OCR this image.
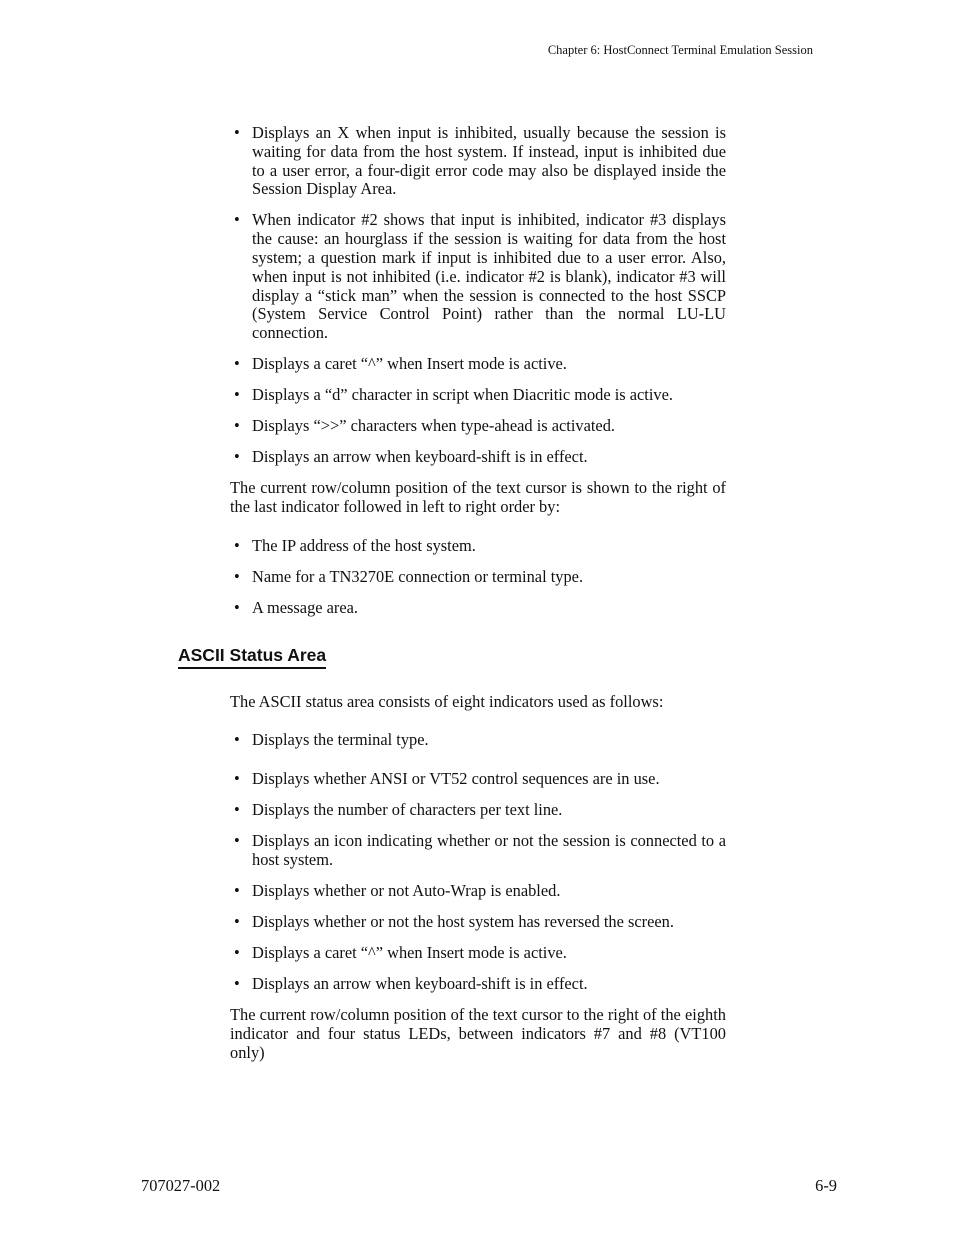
Chapter 6: HostConnect Terminal Emulation Session
• Displays an X when input is inhibited, usually because the session is waiting for data from the host system. If instead, input is inhibited due to a user error, a four-digit error code may also be displayed inside the Session Display Area.
• When indicator #2 shows that input is inhibited, indicator #3 displays the cause: an hourglass if the session is waiting for data from the host system; a question mark if input is inhibited due to a user error. Also, when input is not inhibited (i.e. indicator #2 is blank), indicator #3 will display a “stick man” when the session is connected to the host SSCP (System Service Control Point) rather than the normal LU-LU connection.
• Displays a caret “^” when Insert mode is active.
• Displays a “d” character in script when Diacritic mode is active.
• Displays “>>” characters when type-ahead is activated.
• Displays an arrow when keyboard-shift is in effect.

The current row/column position of the text cursor is shown to the right of the last indicator followed in left to right order by:

• The IP address of the host system.
• Name for a TN3270E connection or terminal type.
• A message area.
ASCII Status Area

The ASCII status area consists of eight indicators used as follows:

• Displays the terminal type.
• Displays whether ANSI or VT52 control sequences are in use.
• Displays the number of characters per text line.
• Displays an icon indicating whether or not the session is connected to a host system.
• Displays whether or not Auto-Wrap is enabled.
• Displays whether or not the host system has reversed the screen.
• Displays a caret “^” when Insert mode is active.
• Displays an arrow when keyboard-shift is in effect.

The current row/column position of the text cursor to the right of the eighth indicator and four status LEDs, between indicators #7 and #8 (VT100 only)

707027-002	6-9
